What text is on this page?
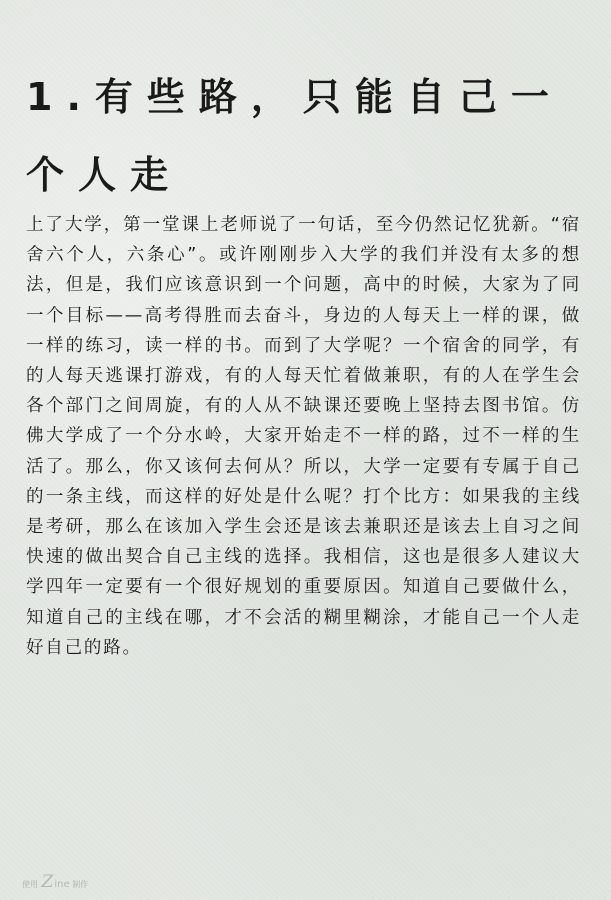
1.有些路，只能自己一个人走

上了大学，第一堂课上老师说了一句话，至今仍然记忆犹新。“宿舍六个人，六条心”。或许刚刚步入大学的我们并没有太多的想法，但是，我们应该意识到一个问题，高中的时候，大家为了同一个目标——高考得胜而去奋斗，身边的人每天上一样的课，做一样的练习，读一样的书。而到了大学呢？一个宿舍的同学，有的人每天逃课打游戏，有的人每天忙着做兼职，有的人在学生会各个部门之间周旋，有的人从不缺课还要晚上坚持去图书馆。仿佛大学成了一个分水岭，大家开始走不一样的路，过不一样的生活了。那么，你又该何去何从？所以，大学一定要有专属于自己的一条主线，而这样的好处是什么呢？打个比方：如果我的主线是考研，那么在该加入学生会还是该去兼职还是该去上自习之间快速的做出契合自己主线的选择。我相信，这也是很多人建议大学四年一定要有一个很好规划的重要原因。知道自己要做什么，知道自己的主线在哪，才不会活的糊里糊涂，才能自己一个人走好自己的路。

使用 Zine 制作
